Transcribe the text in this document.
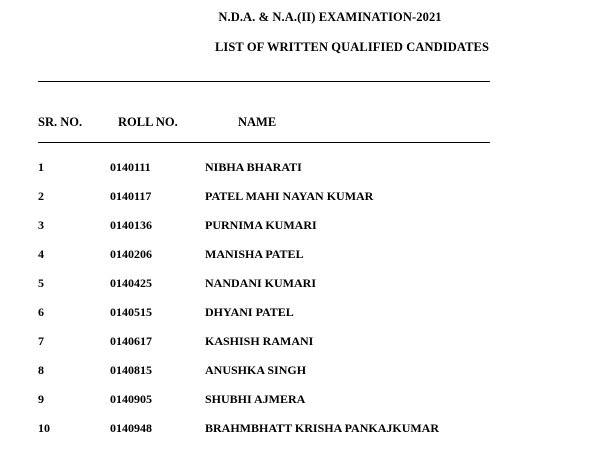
N.D.A. & N.A.(II) EXAMINATION-2021
LIST OF WRITTEN QUALIFIED CANDIDATES
SR. NO.	ROLL NO.	NAME
1	0140111	NIBHA BHARATI
2	0140117	PATEL MAHI NAYAN KUMAR
3	0140136	PURNIMA KUMARI
4	0140206	MANISHA PATEL
5	0140425	NANDANI KUMARI
6	0140515	DHYANI PATEL
7	0140617	KASHISH RAMANI
8	0140815	ANUSHKA SINGH
9	0140905	SHUBHI AJMERA
10	0140948	BRAHMBHATT KRISHA PANKAJKUMAR
